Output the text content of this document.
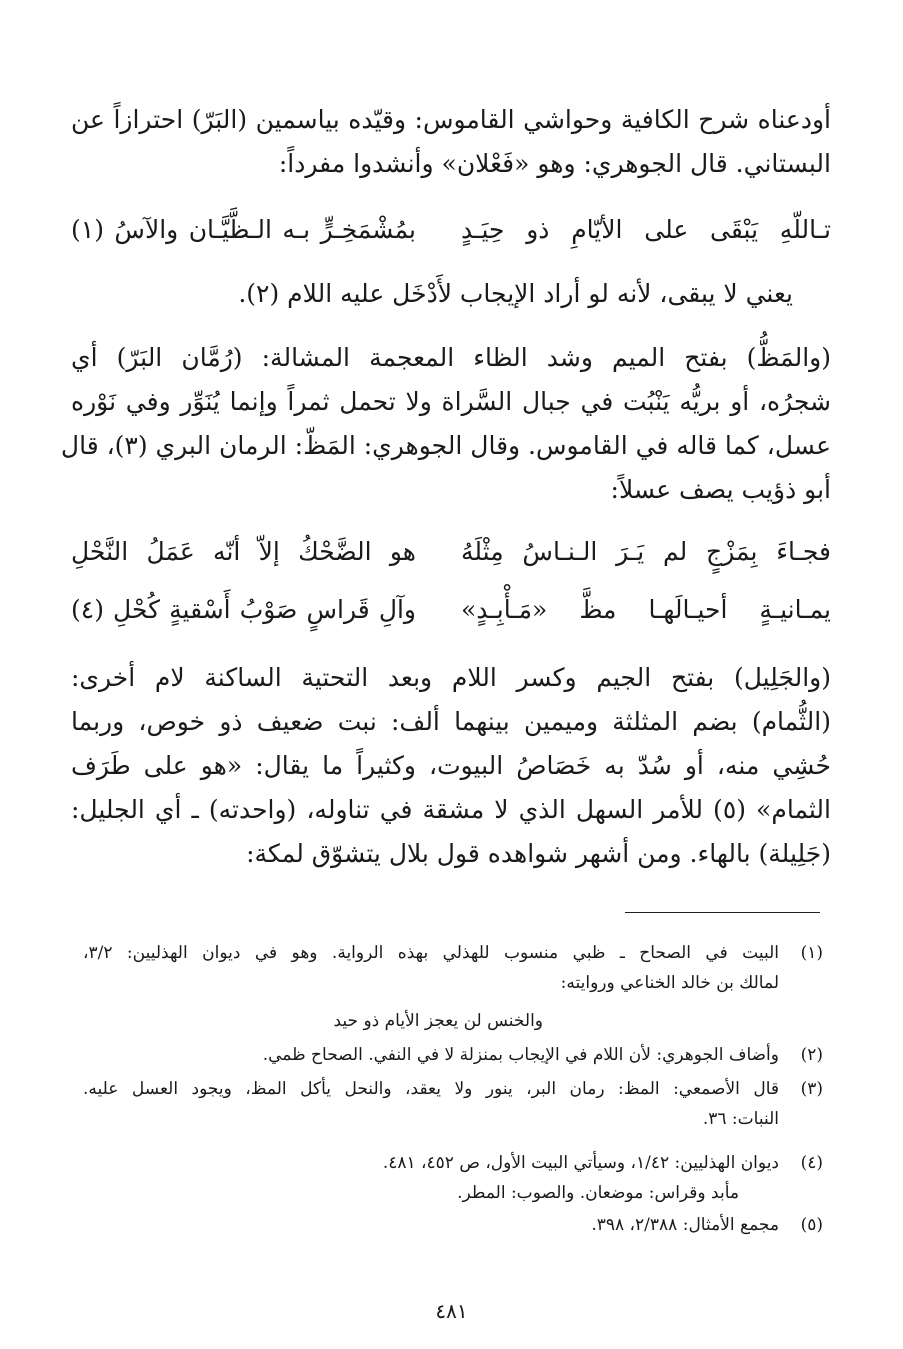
أودعناه شرح الكافية وحواشي القاموس: وقيّده بياسمين (البَرّ) احترازاً عن

البستاني. قال الجوهري: وهو «فَعْلان» وأنشدوا مفرداً:

تـاللّهِ يَبْقَى على الأيّامِ ذو حِيَـدٍ
بمُشْمَخِـرٍّ بـه الـظَّيَّـان والآسُ (١)

يعني لا يبقى، لأنه لو أراد الإيجاب لأَدْخَل عليه اللام (٢).

(والمَظُّ) بفتح الميم وشد الظاء المعجمة المشالة: (رُمَّان البَرّ) أي

شجرُه، أو بريُّه يَنْبُت في جبال السَّراة ولا تحمل ثمراً وإنما يُنَوِّر وفي نَوْره

عسل، كما قاله في القاموس. وقال الجوهري: المَظّ: الرمان البري (٣)، قال

أبو ذؤيب يصف عسلاً:

فجـاءَ بِمَزْجٍ لم يَـرَ الـنـاسُ مِثْلَهُ
هو الضَّحْكُ إلاّ أنّه عَمَلُ النَّحْلِ
يمـانيـةٍ أحيـالَهـا مظَّ «مَـأْبِـدٍ»
وآلِ قَراسٍ صَوْبُ أَسْقيةٍ كُحْلِ (٤)

(والجَلِيل) بفتح الجيم وكسر اللام وبعد التحتية الساكنة لام أخرى:

(الثُّمام) بضم المثلثة وميمين بينهما ألف: نبت ضعيف ذو خوص، وربما

حُشِي منه، أو سُدّ به خَصَاصُ البيوت، وكثيراً ما يقال: «هو على طَرَف

الثمام» (٥) للأمر السهل الذي لا مشقة في تناوله، (واحدته) ـ أي الجليل:

(جَلِيلة) بالهاء. ومن أشهر شواهده قول بلال يتشوّق لمكة:

(١)
البيت في الصحاح ـ ظبي منسوب للهذلي بهذه الرواية. وهو في ديوان الهذليين: ٣/٢،
لمالك بن خالد الخناعي وروايته:
والخنس لن يعجز الأيام ذو حيد
(٢)
وأضاف الجوهري: لأن اللام في الإيجاب بمنزلة لا في النفي. الصحاح ظمي.
(٣)
قال الأصمعي: المظ: رمان البر، ينور ولا يعقد، والنحل يأكل المظ، ويجود العسل عليه.
النبات: ٣٦.
(٤)
ديوان الهذليين: ١/٤٢، وسيأتي البيت الأول، ص ٤٥٢، ٤٨١.
مأبد وقراس: موضعان. والصوب: المطر.
(٥)
مجمع الأمثال: ٢/٣٨٨، ٣٩٨.
٤٨١
